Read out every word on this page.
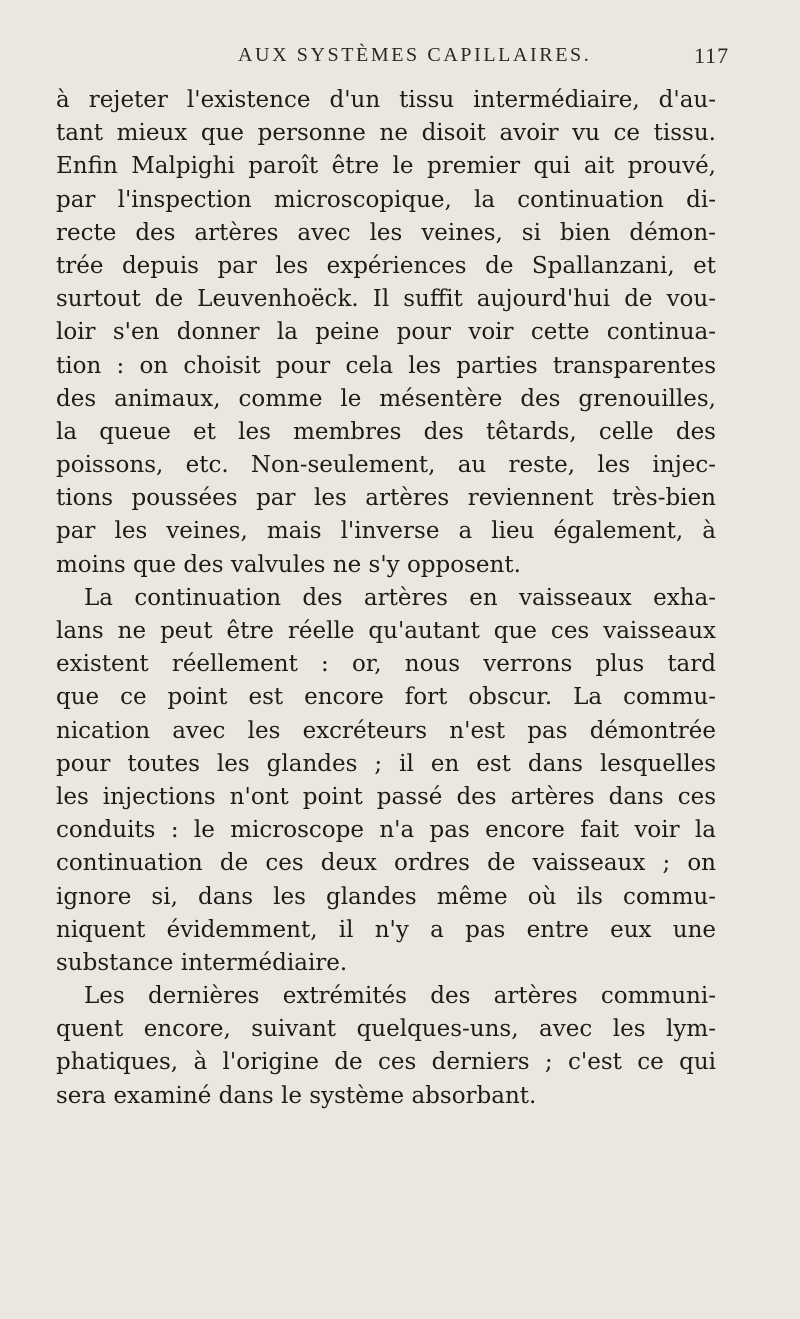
AUX SYSTÈMES CAPILLAIRES.	117
à rejeter l'existence d'un tissu intermédiaire, d'au-
tant mieux que personne ne disoit avoir vu ce tissu.
Enfin Malpighi paroît être le premier qui ait prouvé,
par l'inspection microscopique, la continuation di-
recte des artères avec les veines, si bien démon-
trée depuis par les expériences de Spallanzani, et
surtout de Leuvenhoëck. Il suffit aujourd'hui de vou-
loir s'en donner la peine pour voir cette continua-
tion : on choisit pour cela les parties transparentes
des animaux, comme le mésentère des grenouilles,
la queue et les membres des têtards, celle des
poissons, etc. Non-seulement, au reste, les injec-
tions poussées par les artères reviennent très-bien
par les veines, mais l'inverse a lieu également, à
moins que des valvules ne s'y opposent.
La continuation des artères en vaisseaux exha-
lans ne peut être réelle qu'autant que ces vaisseaux
existent réellement : or, nous verrons plus tard
que ce point est encore fort obscur. La commu-
nication avec les excréteurs n'est pas démontrée
pour toutes les glandes ; il en est dans lesquelles
les injections n'ont point passé des artères dans ces
conduits : le microscope n'a pas encore fait voir la
continuation de ces deux ordres de vaisseaux ; on
ignore si, dans les glandes même où ils commu-
niquent évidemment, il n'y a pas entre eux une
substance intermédiaire.
Les dernières extrémités des artères communi-
quent encore, suivant quelques-uns, avec les lym-
phatiques, à l'origine de ces derniers ; c'est ce qui
sera examiné dans le système absorbant.
